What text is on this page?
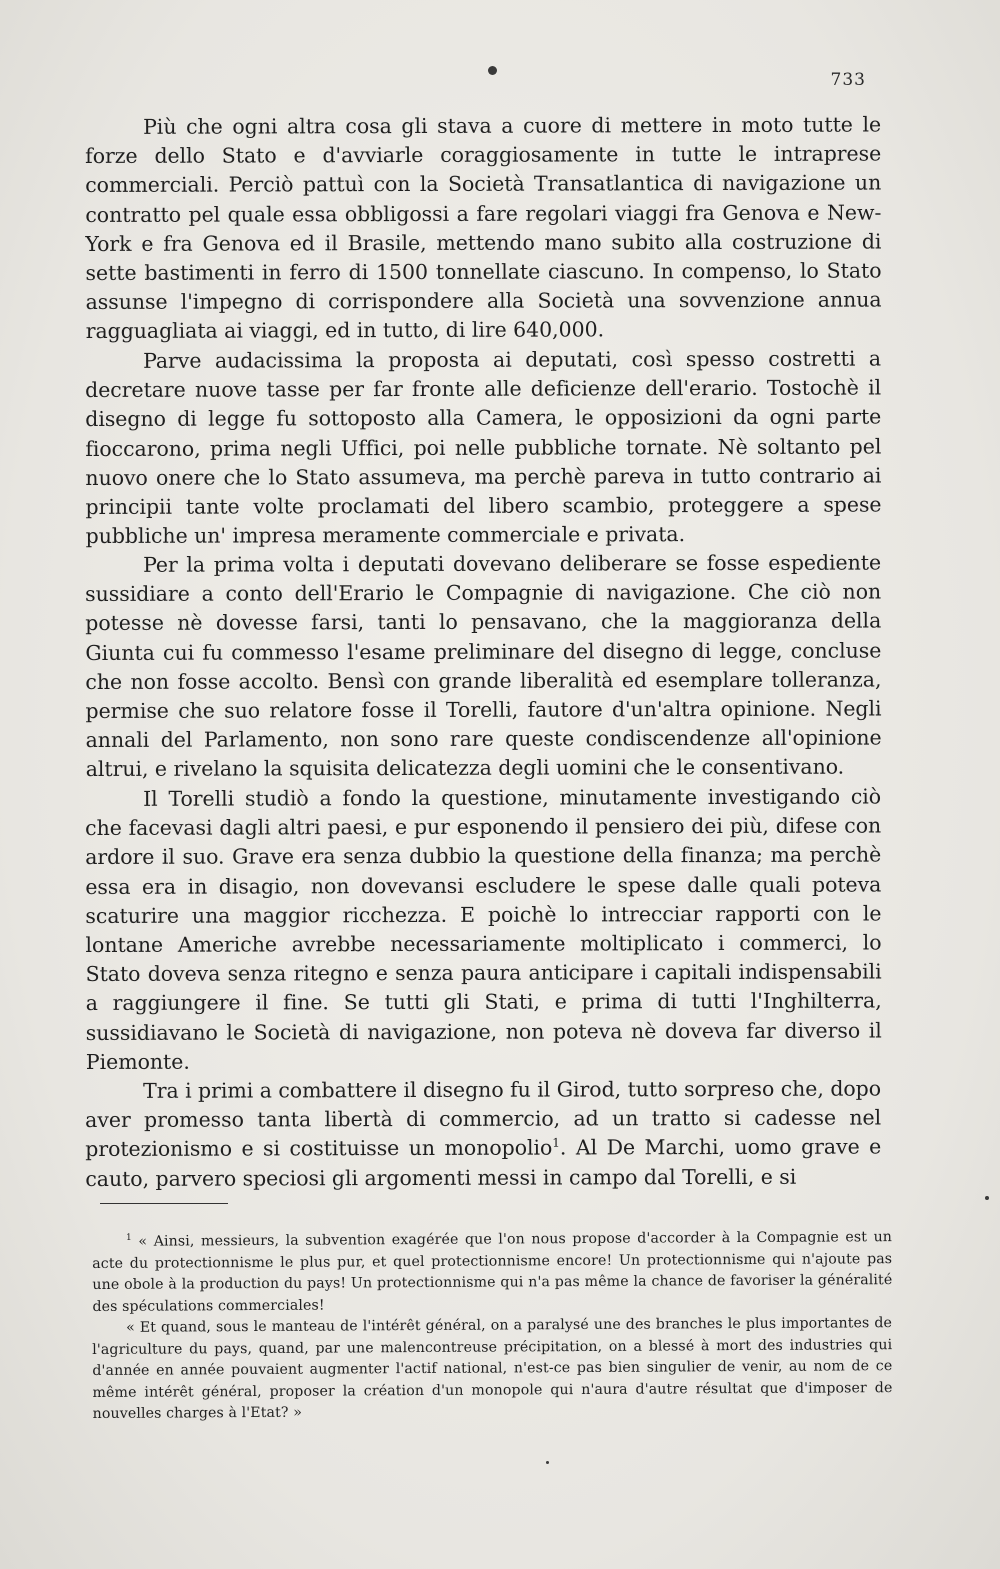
733

Più che ogni altra cosa gli stava a cuore di mettere in moto tutte le forze dello Stato e d'avviarle coraggiosamente in tutte le intraprese commerciali. Perciò pattuì con la Società Transatlantica di navigazione un contratto pel quale essa obbligossi a fare regolari viaggi fra Genova e New-York e fra Genova ed il Brasile, mettendo mano subito alla costruzione di sette bastimenti in ferro di 1500 tonnellate ciascuno. In compenso, lo Stato assunse l'impegno di corrispondere alla Società una sovvenzione annua ragguagliata ai viaggi, ed in tutto, di lire 640,000.

Parve audacissima la proposta ai deputati, così spesso costretti a decretare nuove tasse per far fronte alle deficienze dell'erario. Tostochè il disegno di legge fu sottoposto alla Camera, le opposizioni da ogni parte fioccarono, prima negli Uffici, poi nelle pubbliche tornate. Nè soltanto pel nuovo onere che lo Stato assumeva, ma perchè pareva in tutto contrario ai principii tante volte proclamati del libero scambio, proteggere a spese pubbliche un' impresa meramente commerciale e privata.

Per la prima volta i deputati dovevano deliberare se fosse espediente sussidiare a conto dell'Erario le Compagnie di navigazione. Che ciò non potesse nè dovesse farsi, tanti lo pensavano, che la maggioranza della Giunta cui fu commesso l'esame preliminare del disegno di legge, concluse che non fosse accolto. Bensì con grande liberalità ed esemplare tolleranza, permise che suo relatore fosse il Torelli, fautore d'un'altra opinione. Negli annali del Parlamento, non sono rare queste condiscendenze all'opinione altrui, e rivelano la squisita delicatezza degli uomini che le consentivano.

Il Torelli studiò a fondo la questione, minutamente investigando ciò che facevasi dagli altri paesi, e pur esponendo il pensiero dei più, difese con ardore il suo. Grave era senza dubbio la questione della finanza; ma perchè essa era in disagio, non dovevansi escludere le spese dalle quali poteva scaturire una maggior ricchezza. E poichè lo intrecciar rapporti con le lontane Americhe avrebbe necessariamente moltiplicato i commerci, lo Stato doveva senza ritegno e senza paura anticipare i capitali indispensabili a raggiungere il fine. Se tutti gli Stati, e prima di tutti l'Inghilterra, sussidiavano le Società di navigazione, non poteva nè doveva far diverso il Piemonte.

Tra i primi a combattere il disegno fu il Girod, tutto sorpreso che, dopo aver promesso tanta libertà di commercio, ad un tratto si cadesse nel protezionismo e si costituisse un monopolio$^1$. Al De Marchi, uomo grave e cauto, parvero speciosi gli argomenti messi in campo dal Torelli, e si

$^1$ « Ainsi, messieurs, la subvention exagérée que l'on nous propose d'accorder à la Compagnie est un acte du protectionnisme le plus pur, et quel protectionnisme encore! Un protectionnisme qui n'ajoute pas une obole à la production du pays! Un protectionnisme qui n'a pas même la chance de favoriser la généralité des spéculations commerciales!

« Et quand, sous le manteau de l'intérêt général, on a paralysé une des branches le plus importantes de l'agriculture du pays, quand, par une malencontreuse précipitation, on a blessé à mort des industries qui d'année en année pouvaient augmenter l'actif national, n'est-ce pas bien singulier de venir, au nom de ce même intérêt général, proposer la création d'un monopole qui n'aura d'autre résultat que d'imposer de nouvelles charges à l'Etat? »
